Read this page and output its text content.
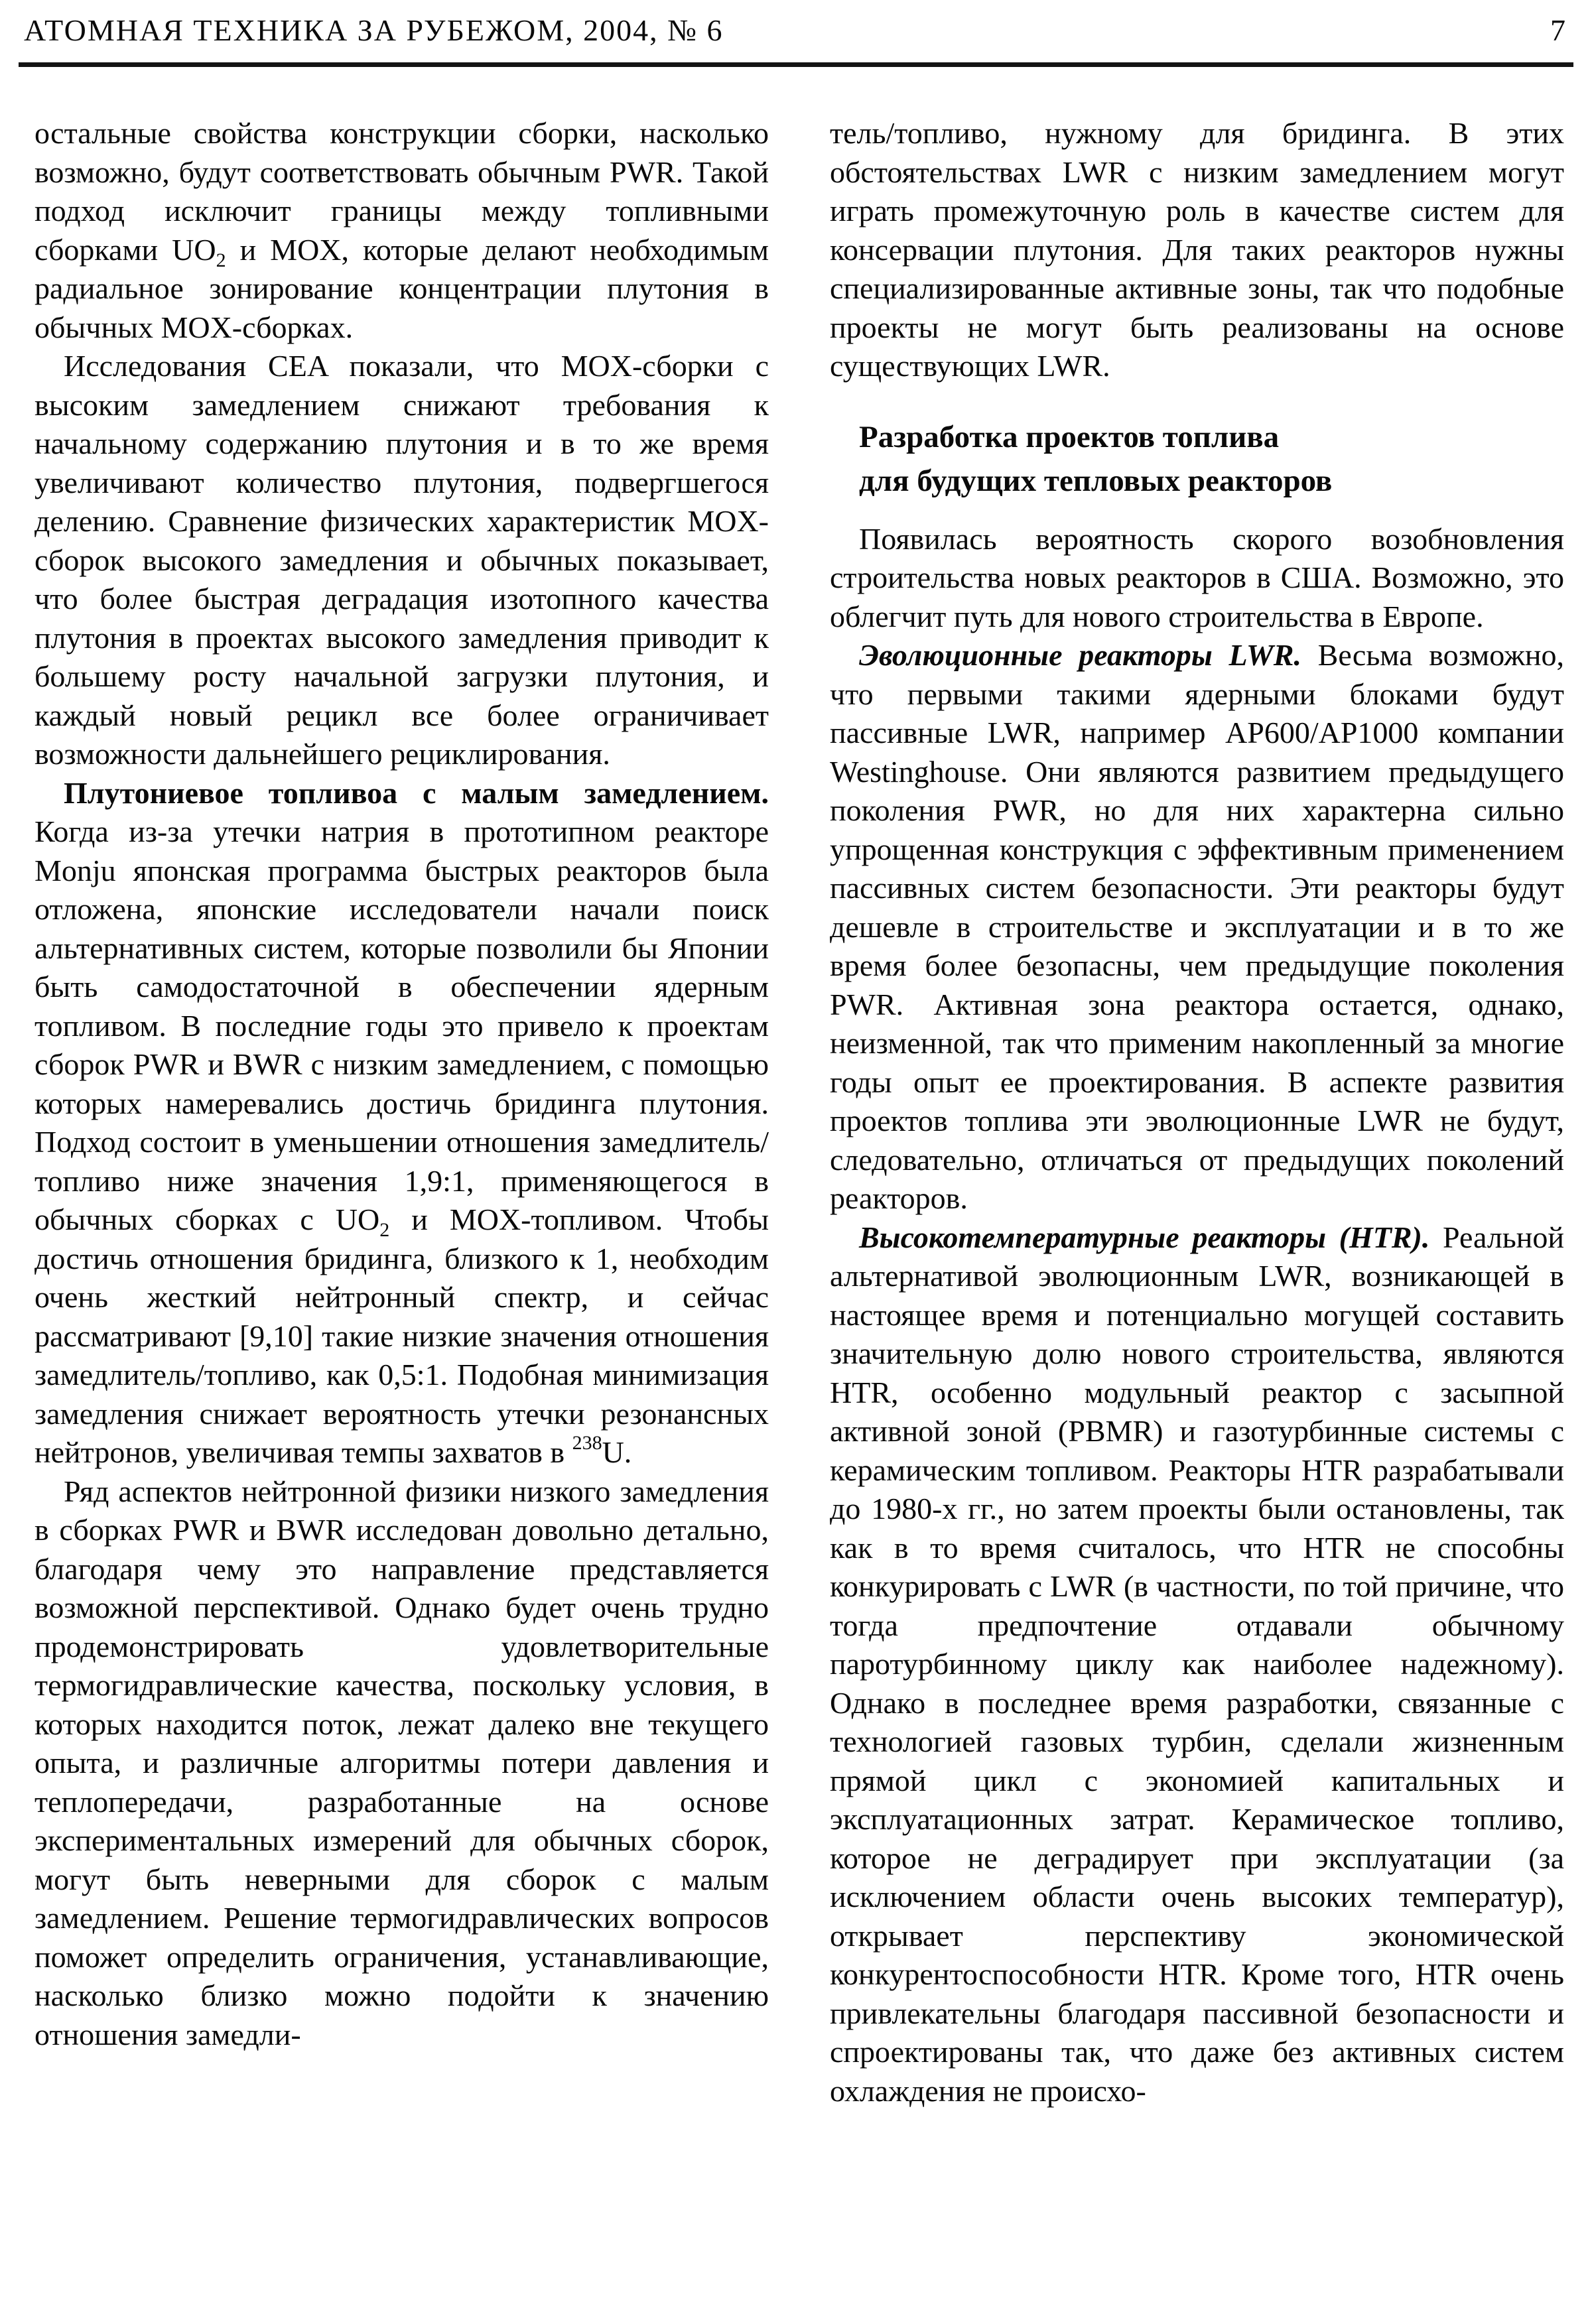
АТОМНАЯ ТЕХНИКА ЗА РУБЕЖОМ, 2004, № 6	7

остальные свойства конструкции сборки, насколько возможно, будут соответствовать обычным PWR. Такой подход исключит границы между топливными сборками $UO_2$ и MOX, которые делают необходимым радиальное зонирование концентрации плутония в обычных MOX-сборках.

Исследования CEA показали, что MOX-сборки с высоким замедлением снижают требования к начальному содержанию плутония и в то же время увеличивают количество плутония, подвергшегося делению. Сравнение физических характеристик MOX-сборок высокого замедления и обычных показывает, что более быстрая деградация изотопного качества плутония в проектах высокого замедления приводит к большему росту начальной загрузки плутония, и каждый новый рецикл все более ограничивает возможности дальнейшего рециклирования.

Плутониевое топливоа с малым замедлением. Когда из-за утечки натрия в прототипном реакторе Monju японская программа быстрых реакторов была отложена, японские исследователи начали поиск альтернативных систем, которые позволили бы Японии быть самодостаточной в обеспечении ядерным топливом. В последние годы это привело к проектам сборок PWR и BWR с низким замедлением, с помощью которых намеревались достичь бридинга плутония. Подход состоит в уменьшении отношения замедлитель/топливо ниже значения 1,9:1, применяющегося в обычных сборках с $UO_2$ и MOX-топливом. Чтобы достичь отношения бридинга, близкого к 1, необходим очень жесткий нейтронный спектр, и сейчас рассматривают [9,10] такие низкие значения отношения замедлитель/топливо, как 0,5:1. Подобная минимизация замедления снижает вероятность утечки резонансных нейтронов, увеличивая темпы захватов в $^{238}$U.

Ряд аспектов нейтронной физики низкого замедления в сборках PWR и BWR исследован довольно детально, благодаря чему это направление представляется возможной перспективой. Однако будет очень трудно продемонстрировать удовлетворительные термогидравлические качества, поскольку условия, в которых находится поток, лежат далеко вне текущего опыта, и различные алгоритмы потери давления и теплопередачи, разработанные на основе экспериментальных измерений для обычных сборок, могут быть неверными для сборок с малым замедлением. Решение термогидравлических вопросов поможет определить ограничения, устанавливающие, насколько близко можно подойти к значению отношения замедли-

тель/топливо, нужному для бридинга. В этих обстоятельствах LWR с низким замедлением могут играть промежуточную роль в качестве систем для консервации плутония. Для таких реакторов нужны специализированные активные зоны, так что подобные проекты не могут быть реализованы на основе существующих LWR.

Разработка проектов топлива
для будущих тепловых реакторов

Появилась вероятность скорого возобновления строительства новых реакторов в США. Возможно, это облегчит путь для нового строительства в Европе.

Эволюционные реакторы LWR. Весьма возможно, что первыми такими ядерными блоками будут пассивные LWR, например AP600/AP1000 компании Westinghouse. Они являются развитием предыдущего поколения PWR, но для них характерна сильно упрощенная конструкция с эффективным применением пассивных систем безопасности. Эти реакторы будут дешевле в строительстве и эксплуатации и в то же время более безопасны, чем предыдущие поколения PWR. Активная зона реактора остается, однако, неизменной, так что применим накопленный за многие годы опыт ее проектирования. В аспекте развития проектов топлива эти эволюционные LWR не будут, следовательно, отличаться от предыдущих поколений реакторов.

Высокотемпературные реакторы (HTR). Реальной альтернативой эволюционным LWR, возникающей в настоящее время и потенциально могущей составить значительную долю нового строительства, являются HTR, особенно модульный реактор с засыпной активной зоной (PBMR) и газотурбинные системы с керамическим топливом. Реакторы HTR разрабатывали до 1980-х гг., но затем проекты были остановлены, так как в то время считалось, что HTR не способны конкурировать с LWR (в частности, по той причине, что тогда предпочтение отдавали обычному паротурбинному циклу как наиболее надежному). Однако в последнее время разработки, связанные с технологией газовых турбин, сделали жизненным прямой цикл с экономией капитальных и эксплуатационных затрат. Керамическое топливо, которое не деградирует при эксплуатации (за исключением области очень высоких температур), открывает перспективу экономической конкурентоспособности HTR. Кроме того, HTR очень привлекательны благодаря пассивной безопасности и спроектированы так, что даже без активных систем охлаждения не происхо-
